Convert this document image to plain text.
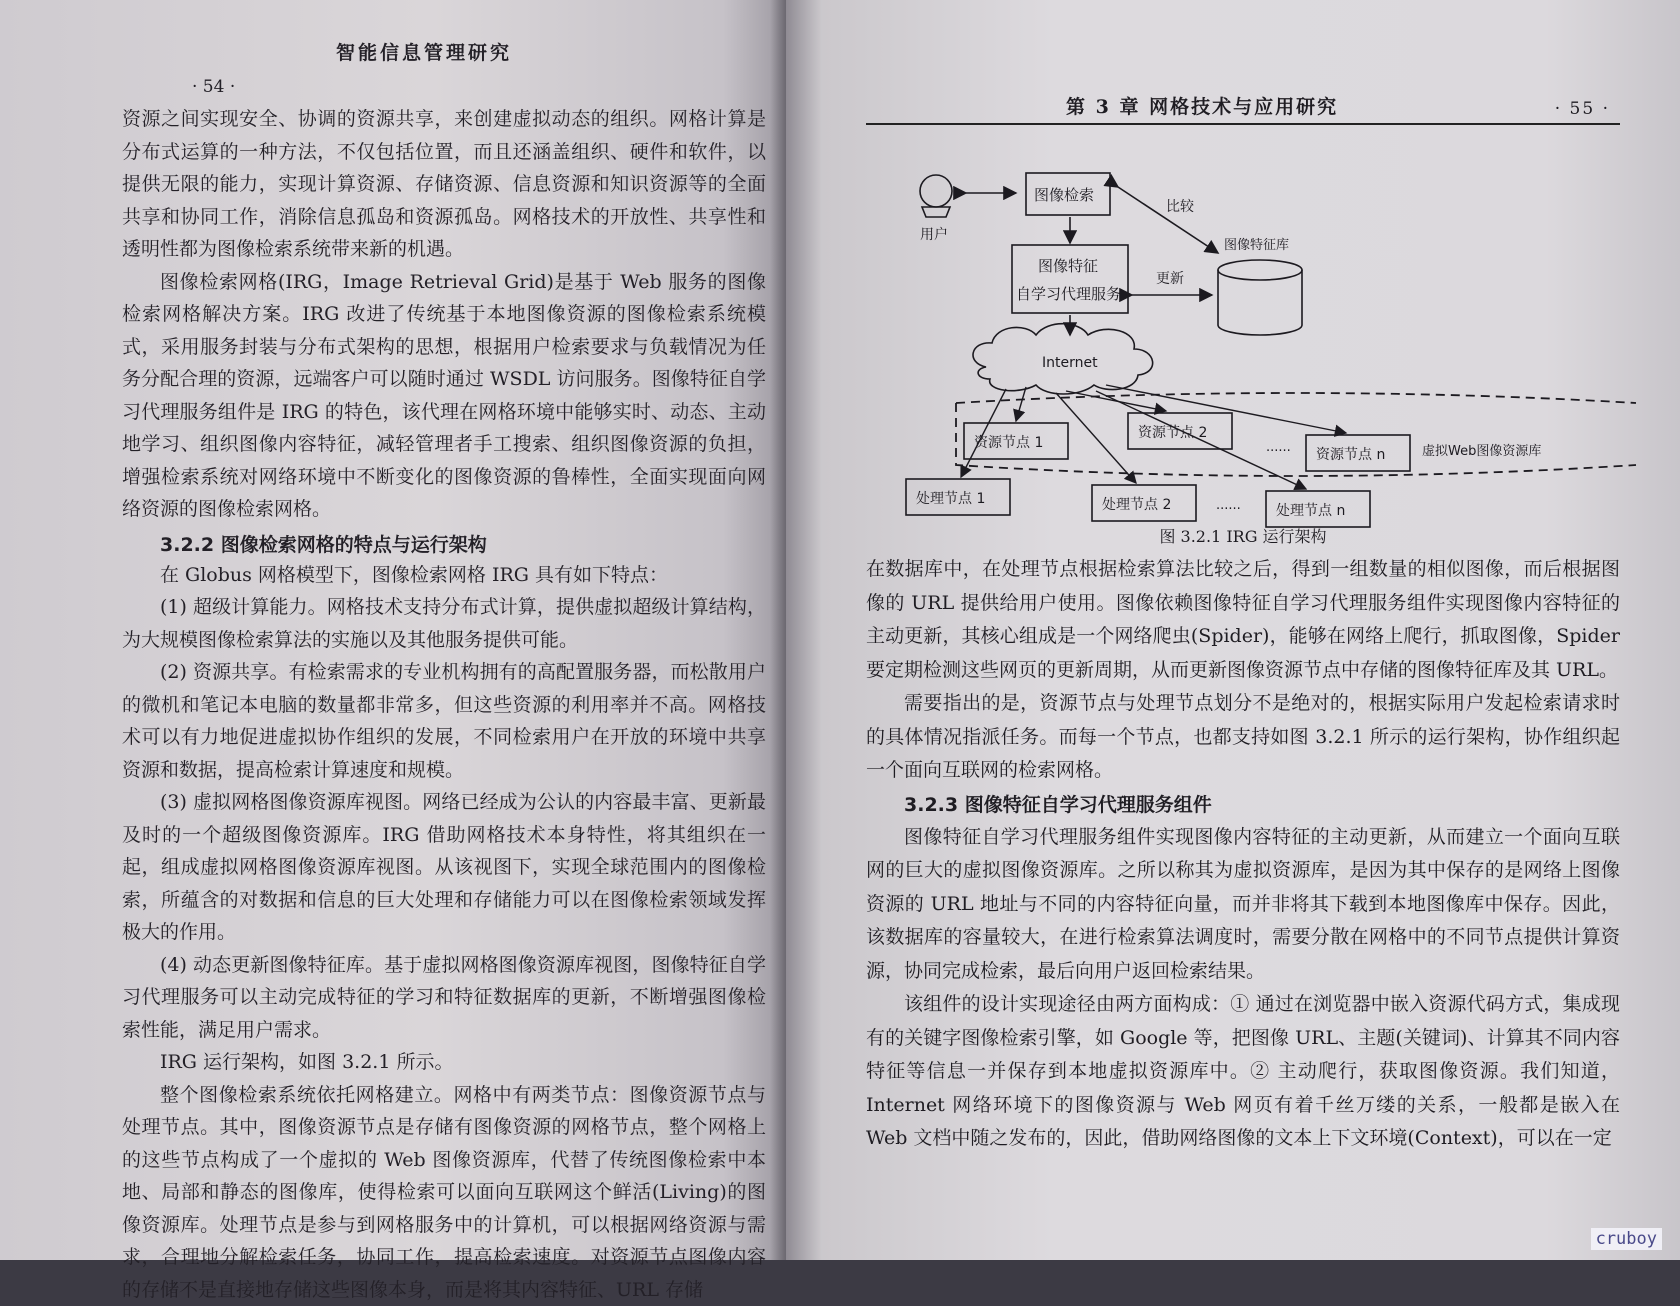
智能信息管理研究
· 54 ·

资源之间实现安全、协调的资源共享，来创建虚拟动态的组织。网格计算是分布式运算的一种方法，不仅包括位置，而且还涵盖组织、硬件和软件，以提供无限的能力，实现计算资源、存储资源、信息资源和知识资源等的全面共享和协同工作，消除信息孤岛和资源孤岛。网格技术的开放性、共享性和透明性都为图像检索系统带来新的机遇。

图像检索网格(IRG，Image Retrieval Grid)是基于 Web 服务的图像检索网格解决方案。IRG 改进了传统基于本地图像资源的图像检索系统模式，采用服务封装与分布式架构的思想，根据用户检索要求与负载情况为任务分配合理的资源，远端客户可以随时通过 WSDL 访问服务。图像特征自学习代理服务组件是 IRG 的特色，该代理在网格环境中能够实时、动态、主动地学习、组织图像内容特征，减轻管理者手工搜索、组织图像资源的负担，增强检索系统对网络环境中不断变化的图像资源的鲁棒性，全面实现面向网络资源的图像检索网格。

3.2.2 图像检索网格的特点与运行架构

在 Globus 网格模型下，图像检索网格 IRG 具有如下特点：

(1) 超级计算能力。网格技术支持分布式计算，提供虚拟超级计算结构，为大规模图像检索算法的实施以及其他服务提供可能。

(2) 资源共享。有检索需求的专业机构拥有的高配置服务器，而松散用户的微机和笔记本电脑的数量都非常多，但这些资源的利用率并不高。网格技术可以有力地促进虚拟协作组织的发展，不同检索用户在开放的环境中共享资源和数据，提高检索计算速度和规模。

(3) 虚拟网格图像资源库视图。网络已经成为公认的内容最丰富、更新最及时的一个超级图像资源库。IRG 借助网格技术本身特性，将其组织在一起，组成虚拟网格图像资源库视图。从该视图下，实现全球范围内的图像检索，所蕴含的对数据和信息的巨大处理和存储能力可以在图像检索领域发挥极大的作用。

(4) 动态更新图像特征库。基于虚拟网格图像资源库视图，图像特征自学习代理服务可以主动完成特征的学习和特征数据库的更新，不断增强图像检索性能，满足用户需求。

IRG 运行架构，如图 3.2.1 所示。

整个图像检索系统依托网格建立。网格中有两类节点：图像资源节点与处理节点。其中，图像资源节点是存储有图像资源的网格节点，整个网格上的这些节点构成了一个虚拟的 Web 图像资源库，代替了传统图像检索中本地、局部和静态的图像库，使得检索可以面向互联网这个鲜活(Living)的图像资源库。处理节点是参与到网格服务中的计算机，可以根据网络资源与需求，合理地分解检索任务，协同工作，提高检索速度。对资源节点图像内容的存储不是直接地存储这些图像本身，而是将其内容特征、URL 存储

第 3 章 网格技术与应用研究	· 55 ·
用户
图像检索
比较
图像特征库
图像特征
自学习代理服务
更新
Internet
资源节点 1
资源节点 2
...... 资源节点 n	虚拟Web图像资源库
处理节点 1	处理节点 2	......	处理节点 n
图 3.2.1 IRG 运行架构

在数据库中，在处理节点根据检索算法比较之后，得到一组数量的相似图像，而后根据图像的 URL 提供给用户使用。图像依赖图像特征自学习代理服务组件实现图像内容特征的主动更新，其核心组成是一个网络爬虫(Spider)，能够在网络上爬行，抓取图像，Spider 要定期检测这些网页的更新周期，从而更新图像资源节点中存储的图像特征库及其 URL。

需要指出的是，资源节点与处理节点划分不是绝对的，根据实际用户发起检索请求时的具体情况指派任务。而每一个节点，也都支持如图 3.2.1 所示的运行架构，协作组织起一个面向互联网的检索网格。

3.2.3 图像特征自学习代理服务组件

图像特征自学习代理服务组件实现图像内容特征的主动更新，从而建立一个面向互联网的巨大的虚拟图像资源库。之所以称其为虚拟资源库，是因为其中保存的是网络上图像资源的 URL 地址与不同的内容特征向量，而并非将其下载到本地图像库中保存。因此，该数据库的容量较大，在进行检索算法调度时，需要分散在网格中的不同节点提供计算资源，协同完成检索，最后向用户返回检索结果。

该组件的设计实现途径由两方面构成：① 通过在浏览器中嵌入资源代码方式，集成现有的关键字图像检索引擎，如 Google 等，把图像 URL、主题(关键词)、计算其不同内容特征等信息一并保存到本地虚拟资源库中。② 主动爬行，获取图像资源。我们知道，Internet 网络环境下的图像资源与 Web 网页有着千丝万缕的关系，一般都是嵌入在 Web 文档中随之发布的，因此，借助网络图像的文本上下文环境(Context)，可以在一定

cruboy
